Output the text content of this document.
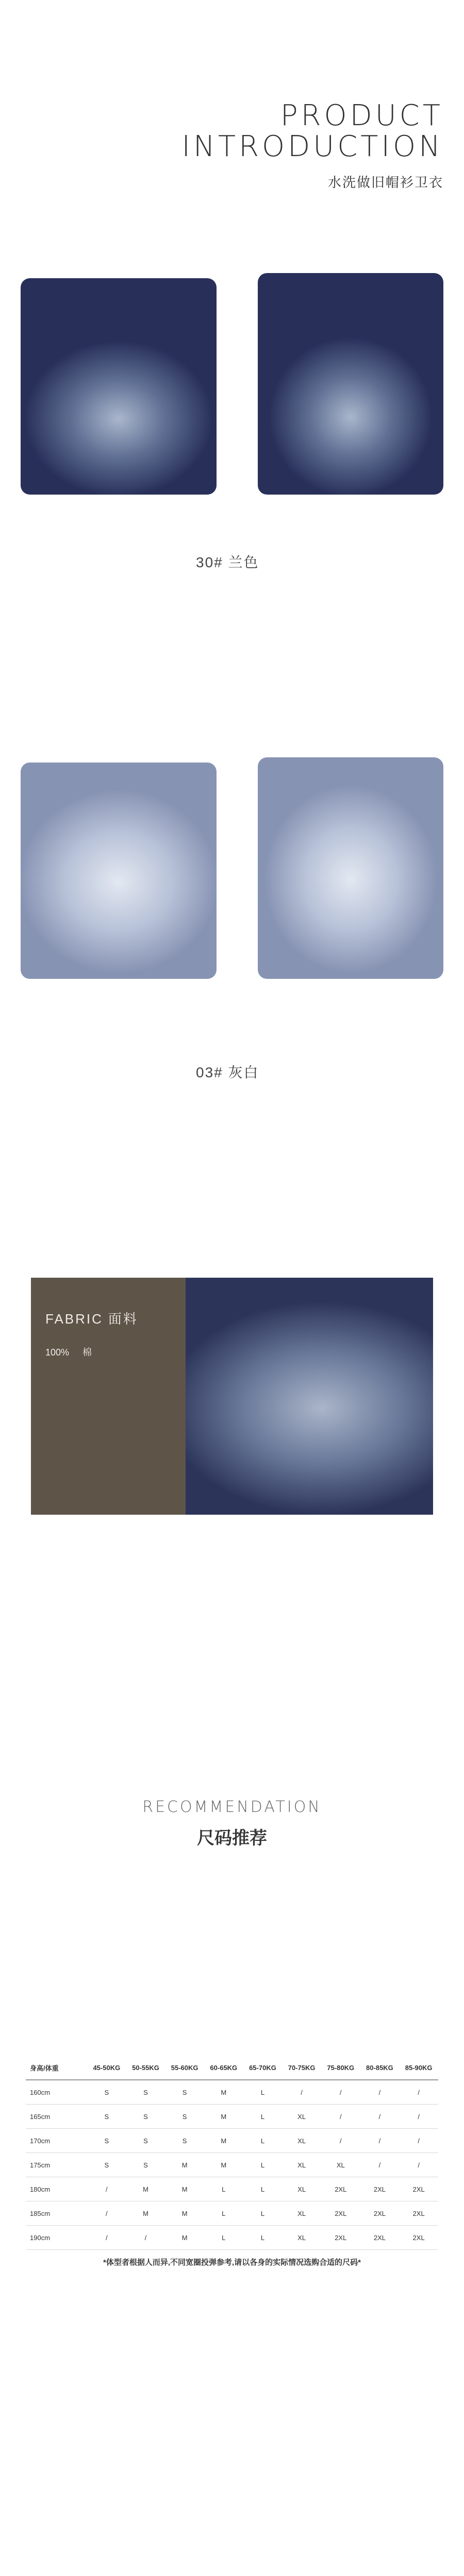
PRODUCT
INTRODUCTION
水洗做旧帽衫卫衣
30# 兰色
03# 灰白
FABRIC 面料
100% 棉
RECOMMENDATION
尺码推荐
身高/体重	45-50KG	50-55KG	55-60KG	60-65KG	65-70KG	70-75KG	75-80KG	80-85KG	85-90KG
160cm	S	S	S	M	L	/	/	/	/
165cm	S	S	S	M	L	XL	/	/	/
170cm	S	S	S	M	L	XL	/	/	/
175cm	S	S	M	M	L	XL	XL	/	/
180cm	/	M	M	L	L	XL	2XL	2XL	2XL
185cm	/	M	M	L	L	XL	2XL	2XL	2XL
190cm	/	/	M	L	L	XL	2XL	2XL	2XL
*体型者根据人而异,不同宽圈投弹参考,请以各身的实际情况选购合适的尺码*
